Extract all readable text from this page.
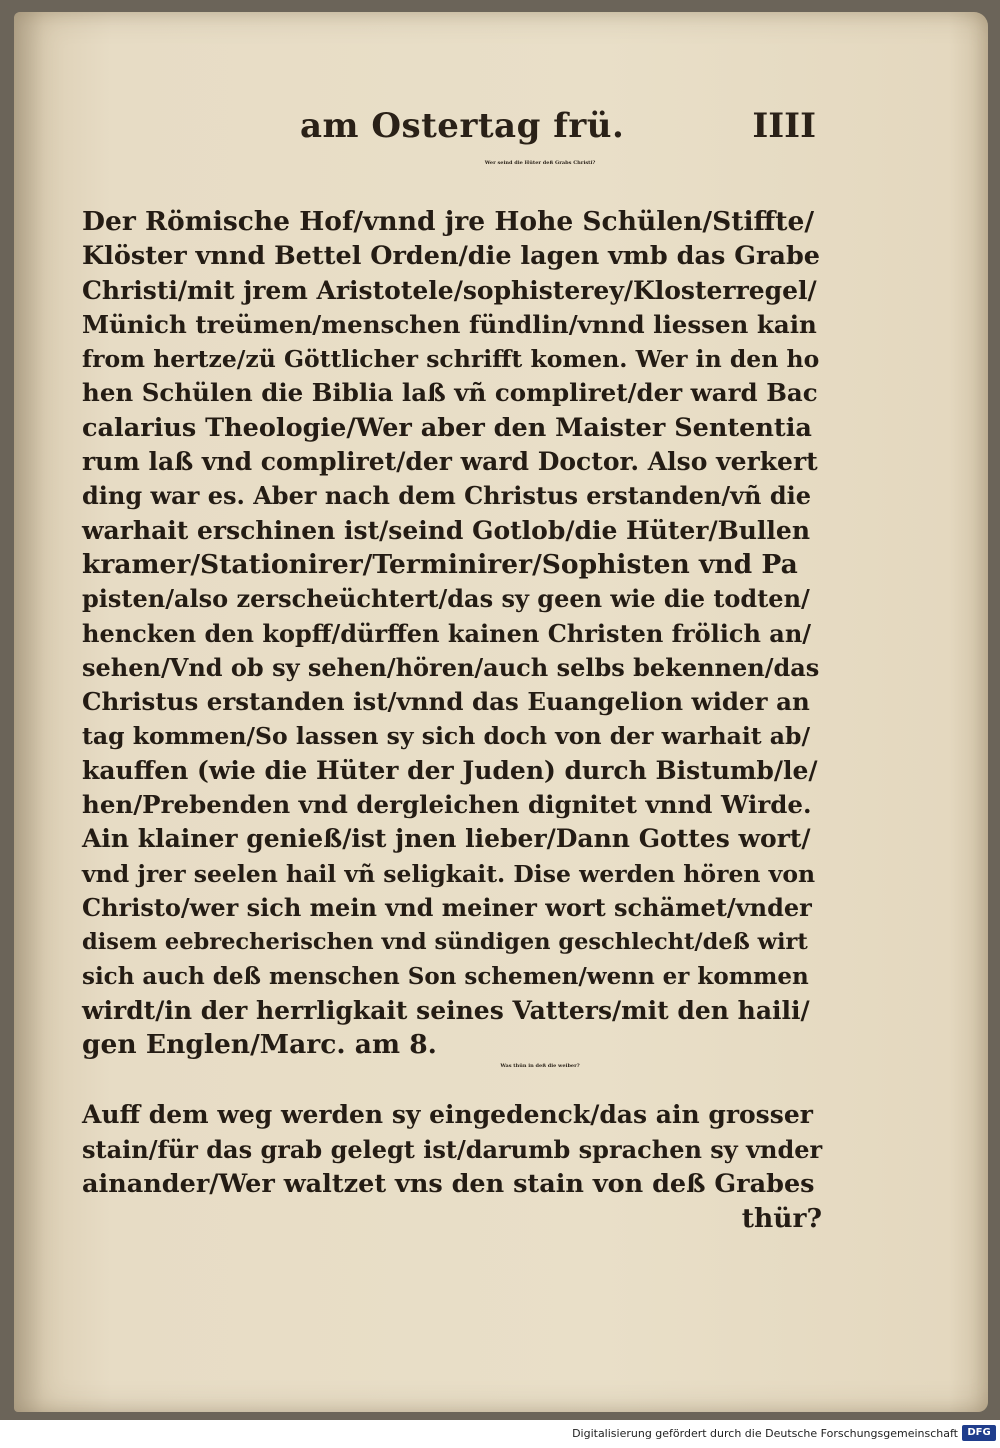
am Ostertag frü.	IIII
Wer seind die Hüter deß Grabs Christi?
Der Römische Hof/vnnd jre Hohe Schülen/Stiffte/
Klöster vnnd Bettel Orden/die lagen vmb das Grabe
Christi/mit jrem Aristotele/sophisterey/Klosterregel/
Münich treümen/menschen fündlin/vnnd liessen kain
from hertze/zü Göttlicher schrifft komen. Wer in den ho
hen Schülen die Biblia laß vñ compliret/der ward Bac
calarius Theologie/Wer aber den Maister Sententia
rum laß vnd compliret/der ward Doctor. Also verkert
ding war es. Aber nach dem Christus erstanden/vñ die
warhait erschinen ist/seind Gotlob/die Hüter/Bullen
kramer/Stationirer/Terminirer/Sophisten vnd Pa
pisten/also zerscheüchtert/das sy geen wie die todten/
hencken den kopff/dürffen kainen Christen frölich an/
sehen/Vnd ob sy sehen/hören/auch selbs bekennen/das
Christus erstanden ist/vnnd das Euangelion wider an
tag kommen/So lassen sy sich doch von der warhait ab/
kauffen (wie die Hüter der Juden) durch Bistumb/le/
hen/Prebenden vnd dergleichen dignitet vnnd Wirde.
Ain klainer genieß/ist jnen lieber/Dann Gottes wort/
vnd jrer seelen hail vñ seligkait. Dise werden hören von
Christo/wer sich mein vnd meiner wort schämet/vnder
disem eebrecherischen vnd sündigen geschlecht/deß wirt
sich auch deß menschen Son schemen/wenn er kommen
wirdt/in der herrligkait seines Vatters/mit den haili/
gen Englen/Marc. am 8.
Was thün in deß die weiber?
Auff dem weg werden sy eingedenck/das ain grosser
stain/für das grab gelegt ist/darumb sprachen sy vnder
ainander/Wer waltzet vns den stain von deß Grabes
thür?
Digitalisierung gefördert durch die Deutsche Forschungsgemeinschaft DFG
